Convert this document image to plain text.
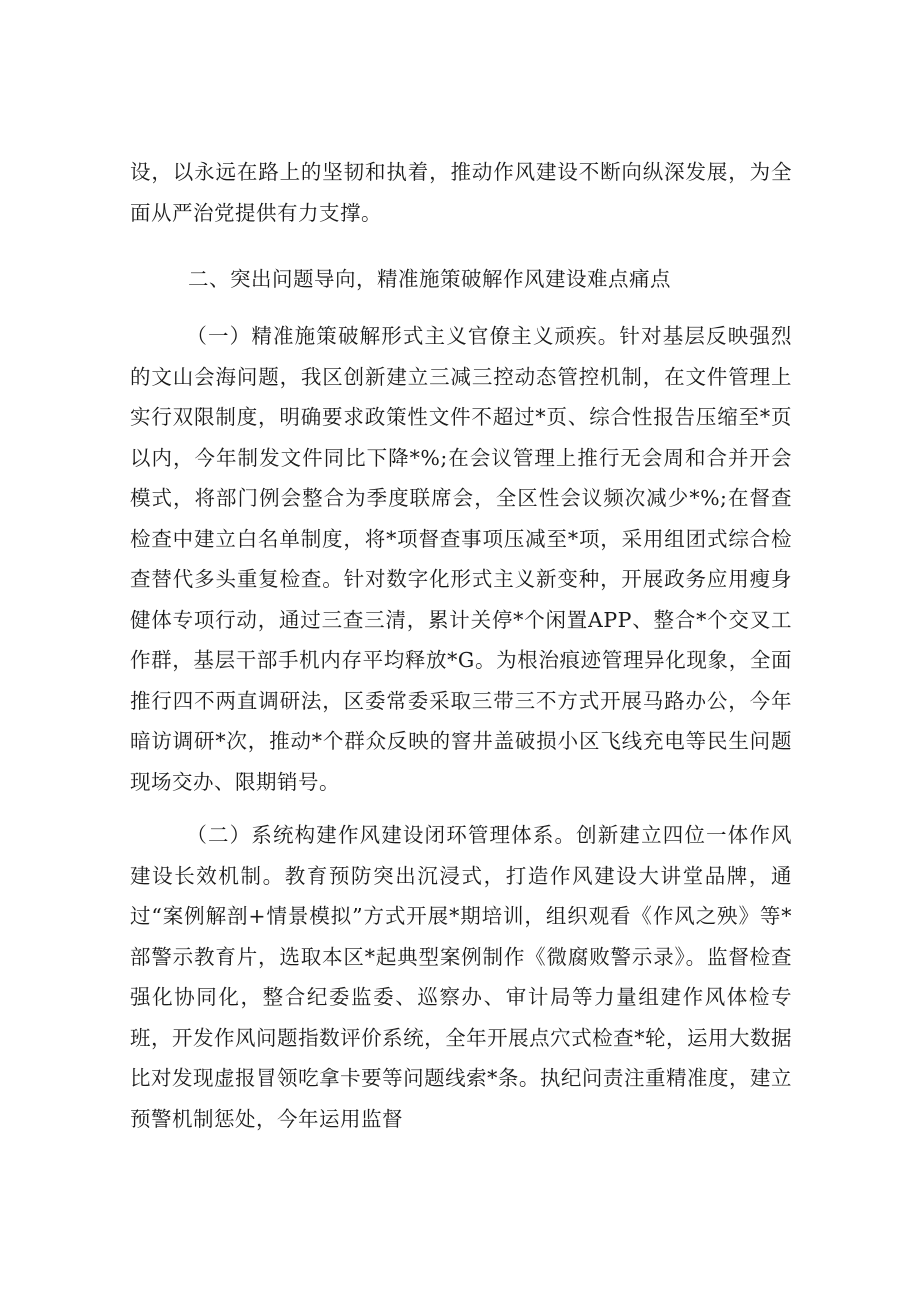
设，以永远在路上的坚韧和执着，推动作风建设不断向纵深发展，为全面从严治党提供有力支撑。

二、突出问题导向，精准施策破解作风建设难点痛点

（一）精准施策破解形式主义官僚主义顽疾。针对基层反映强烈的文山会海问题，我区创新建立三减三控动态管控机制，在文件管理上实行双限制度，明确要求政策性文件不超过*页、综合性报告压缩至*页以内，今年制发文件同比下降*%;在会议管理上推行无会周和合并开会模式，将部门例会整合为季度联席会，全区性会议频次减少*%;在督查检查中建立白名单制度，将*项督查事项压减至*项，采用组团式综合检查替代多头重复检查。针对数字化形式主义新变种，开展政务应用瘦身健体专项行动，通过三查三清，累计关停*个闲置APP、整合*个交叉工作群，基层干部手机内存平均释放*G。为根治痕迹管理异化现象，全面推行四不两直调研法，区委常委采取三带三不方式开展马路办公，今年暗访调研*次，推动*个群众反映的窨井盖破损小区飞线充电等民生问题现场交办、限期销号。

（二）系统构建作风建设闭环管理体系。创新建立四位一体作风建设长效机制。教育预防突出沉浸式，打造作风建设大讲堂品牌，通过“案例解剖+情景模拟”方式开展*期培训，组织观看《作风之殃》等*部警示教育片，选取本区*起典型案例制作《微腐败警示录》。监督检查强化协同化，整合纪委监委、巡察办、审计局等力量组建作风体检专班，开发作风问题指数评价系统，全年开展点穴式检查*轮，运用大数据比对发现虚报冒领吃拿卡要等问题线索*条。执纪问责注重精准度，建立预警机制惩处，今年运用监督
